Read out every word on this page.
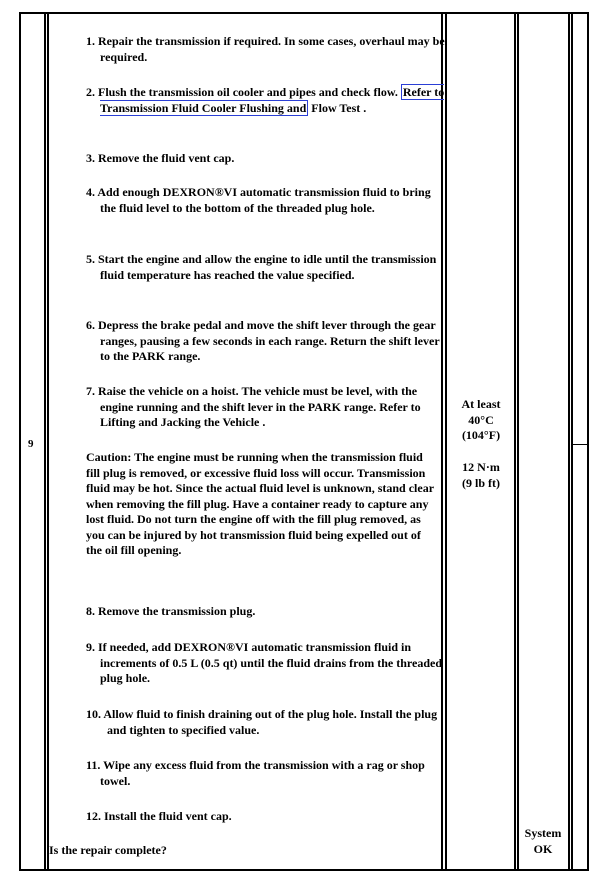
9
1. Repair the transmission if required. In some cases, overhaul may be required.
2. Flush the transmission oil cooler and pipes and check flow. Refer to Transmission Fluid Cooler Flushing and Flow Test .
3. Remove the fluid vent cap.
4. Add enough DEXRON®VI automatic transmission fluid to bring the fluid level to the bottom of the threaded plug hole.
5. Start the engine and allow the engine to idle until the transmission fluid temperature has reached the value specified.
6. Depress the brake pedal and move the shift lever through the gear ranges, pausing a few seconds in each range. Return the shift lever to the PARK range.
7. Raise the vehicle on a hoist. The vehicle must be level, with the engine running and the shift lever in the PARK range. Refer to Lifting and Jacking the Vehicle .
8. Remove the transmission plug.
9. If needed, add DEXRON®VI automatic transmission fluid in increments of 0.5 L (0.5 qt) until the fluid drains from the threaded plug hole.
10. Allow fluid to finish draining out of the plug hole. Install the plug and tighten to specified value.
11. Wipe any excess fluid from the transmission with a rag or shop towel.
12. Install the fluid vent cap.
Caution: The engine must be running when the transmission fluid fill plug is removed, or excessive fluid loss will occur. Transmission fluid may be hot. Since the actual fluid level is unknown, stand clear when removing the fill plug. Have a container ready to capture any lost fluid. Do not turn the engine off with the fill plug removed, as you can be injured by hot transmission fluid being expelled out of the oil fill opening.
Is the repair complete?
At least
40°C
(104°F)
12 N·m
(9 lb ft)
System
OK
